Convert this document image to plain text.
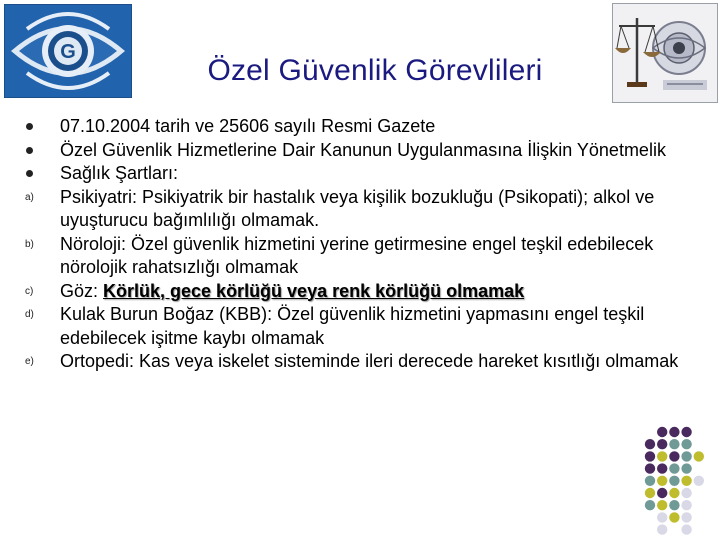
G
Özel Güvenlik Görevlileri
07.10.2004 tarih ve 25606 sayılı Resmi Gazete
Özel Güvenlik Hizmetlerine Dair Kanunun Uygulanmasına İlişkin Yönetmelik
Sağlık Şartları:
a)	Psikiyatri: Psikiyatrik bir hastalık veya kişilik bozukluğu (Psikopati); alkol ve uyuşturucu bağımlılığı olmamak.
b)	Nöroloji: Özel güvenlik hizmetini yerine getirmesine engel teşkil edebilecek nörolojik rahatsızlığı olmamak
c)	Göz: Körlük, gece körlüğü veya renk körlüğü olmamak
d)	Kulak Burun Boğaz (KBB): Özel güvenlik hizmetini yapmasını engel teşkil edebilecek işitme kaybı olmamak
e)	Ortopedi: Kas veya iskelet sisteminde ileri derecede hareket kısıtlığı olmamak
